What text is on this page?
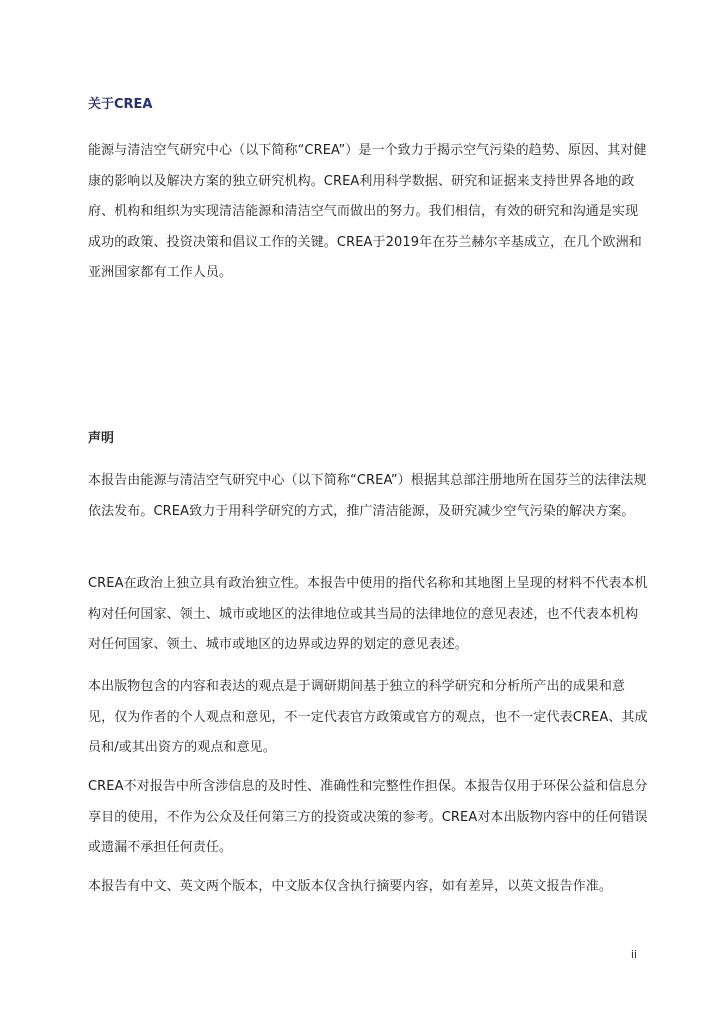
关于CREA

能源与清洁空气研究中心（以下简称“CREA”）是一个致力于揭示空气污染的趋势、原因、其对健康的影响以及解决方案的独立研究机构。CREA利用科学数据、研究和证据来支持世界各地的政府、机构和组织为实现清洁能源和清洁空气而做出的努力。我们相信，有效的研究和沟通是实现成功的政策、投资决策和倡议工作的关键。CREA于2019年在芬兰赫尔辛基成立，在几个欧洲和亚洲国家都有工作人员。

声明

本报告由能源与清洁空气研究中心（以下简称“CREA”）根据其总部注册地所在国芬兰的法律法规依法发布。CREA致力于用科学研究的方式，推广清洁能源，及研究减少空气污染的解决方案。

CREA在政治上独立具有政治独立性。本报告中使用的指代名称和其地图上呈现的材料不代表本机构对任何国家、领土、城市或地区的法律地位或其当局的法律地位的意见表述，也不代表本机构对任何国家、领土、城市或地区的边界或边界的划定的意见表述。

本出版物包含的内容和表达的观点是于调研期间基于独立的科学研究和分析所产出的成果和意见，仅为作者的个人观点和意见，不一定代表官方政策或官方的观点，也不一定代表CREA、其成员和/或其出资方的观点和意见。

CREA不对报告中所含涉信息的及时性、准确性和完整性作担保。本报告仅用于环保公益和信息分享目的使用，不作为公众及任何第三方的投资或决策的参考。CREA对本出版物内容中的任何错误或遗漏不承担任何责任。

本报告有中文、英文两个版本，中文版本仅含执行摘要内容，如有差异，以英文报告作准。

ii
